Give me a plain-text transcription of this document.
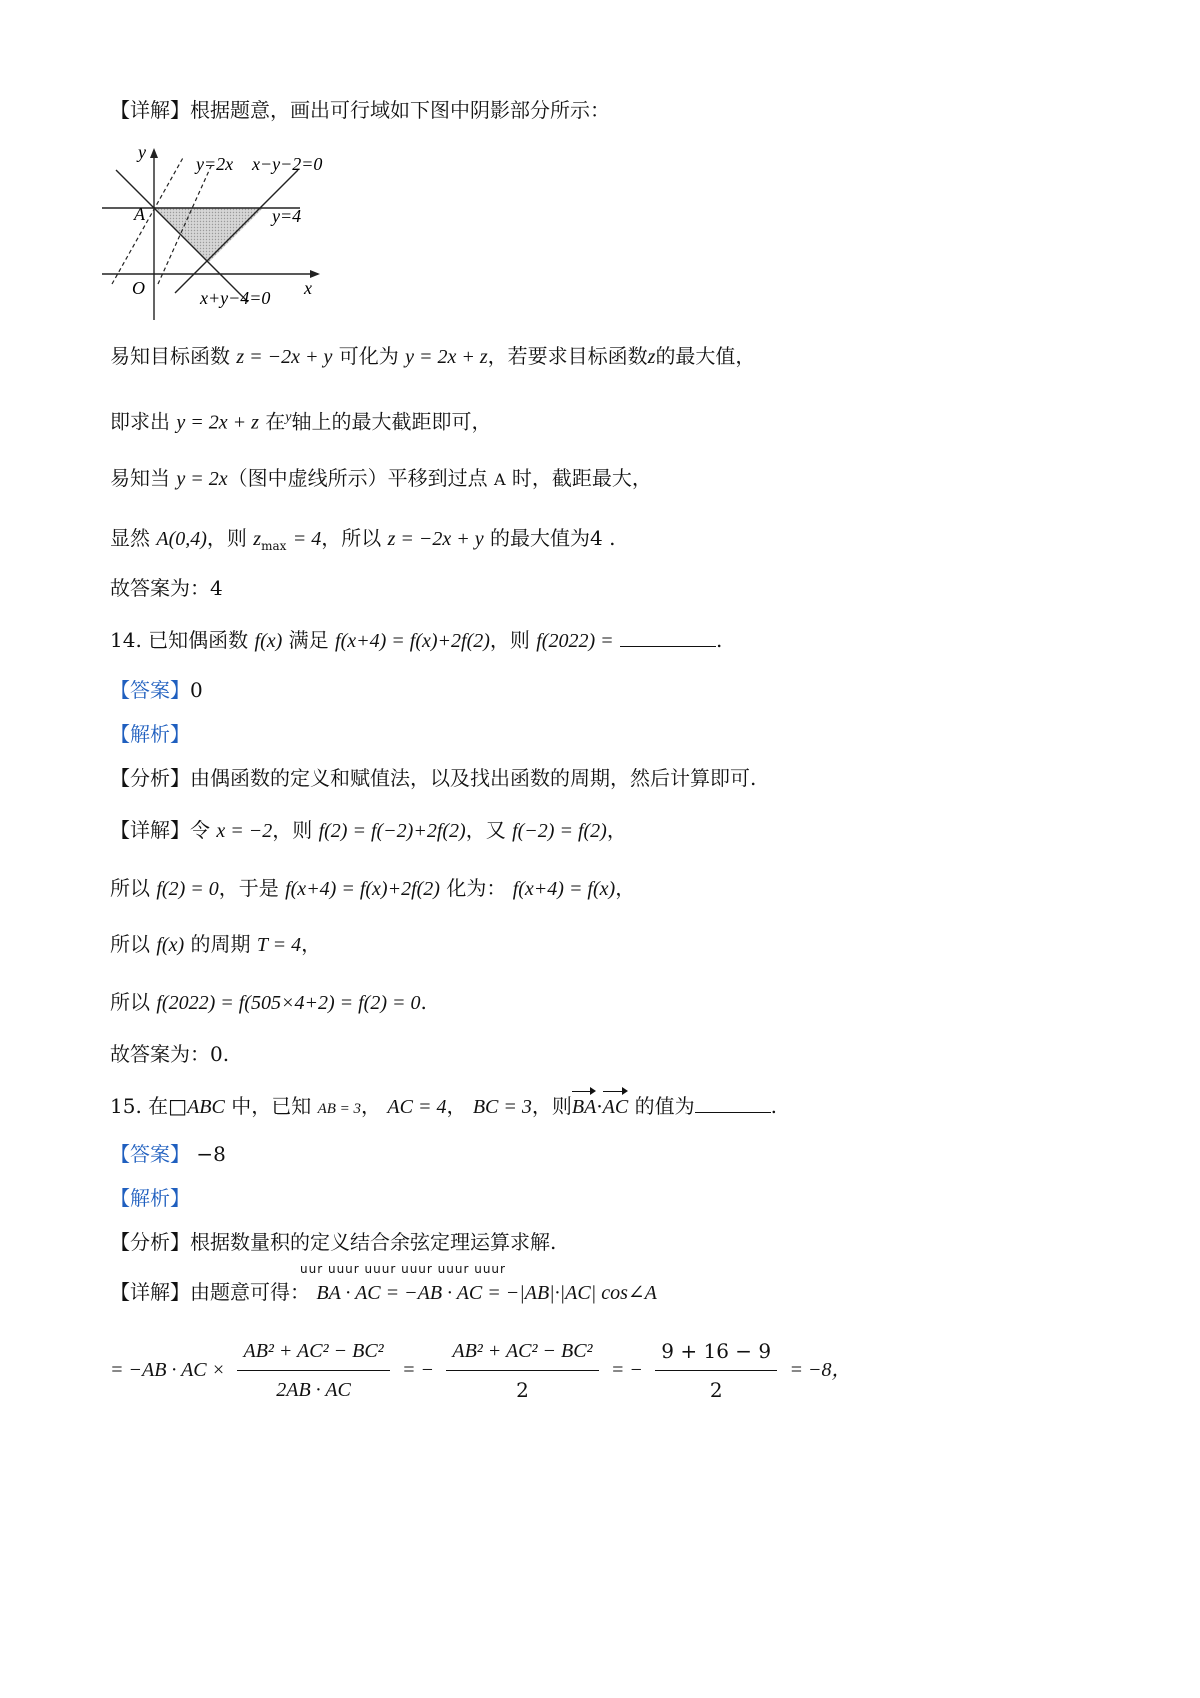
【详解】根据题意，画出可行域如下图中阴影部分所示：
y
x
O
A
y=2x x−y−2=0
y=4
x+y−4=0
易知目标函数 z = −2x + y 可化为 y = 2x + z，若要求目标函数z的最大值，
即求出 y = 2x + z 在$^y$轴上的最大截距即可，
易知当 y = 2x（图中虚线所示）平移到过点 A 时，截距最大，
显然 A(0,4)，则 $z_{max} = 4$，所以 z = −2x + y 的最大值为4 .
故答案为：4
14. 已知偶函数 f(x) 满足 f(x+4) = f(x)+2f(2)，则 f(2022) =	.
【答案】0
【解析】
【分析】由偶函数的定义和赋值法，以及找出函数的周期，然后计算即可.
【详解】令 x = −2，则 f(2) = f(−2)+2f(2)，又 f(−2) = f(2)，
所以 f(2) = 0，于是 f(x+4) = f(x)+2f(2) 化为： f(x+4) = f(x)，
所以 f(x) 的周期 T = 4，
所以 f(2022) = f(505×4+2) = f(2) = 0.
故答案为：0.
15. 在□ABC 中，已知 AB = 3， AC = 4， BC = 3，则BA·AC 的值为	.
【答案】 −8
【解析】
【分析】根据数量积的定义结合余弦定理运算求解.
uur uuur uuur uuur uuur uuur
【详解】由题意可得： BA · AC = −AB · AC = −|AB|·|AC| cos∠A
= −AB · AC × $\frac{\text{AB² + AC² − BC²}}{2AB \cdot AC}$ = − $\frac{\text{AB² + AC² − BC²}}{2}$ = − $\frac{9 + 16 - 9}{2} = -8$，
